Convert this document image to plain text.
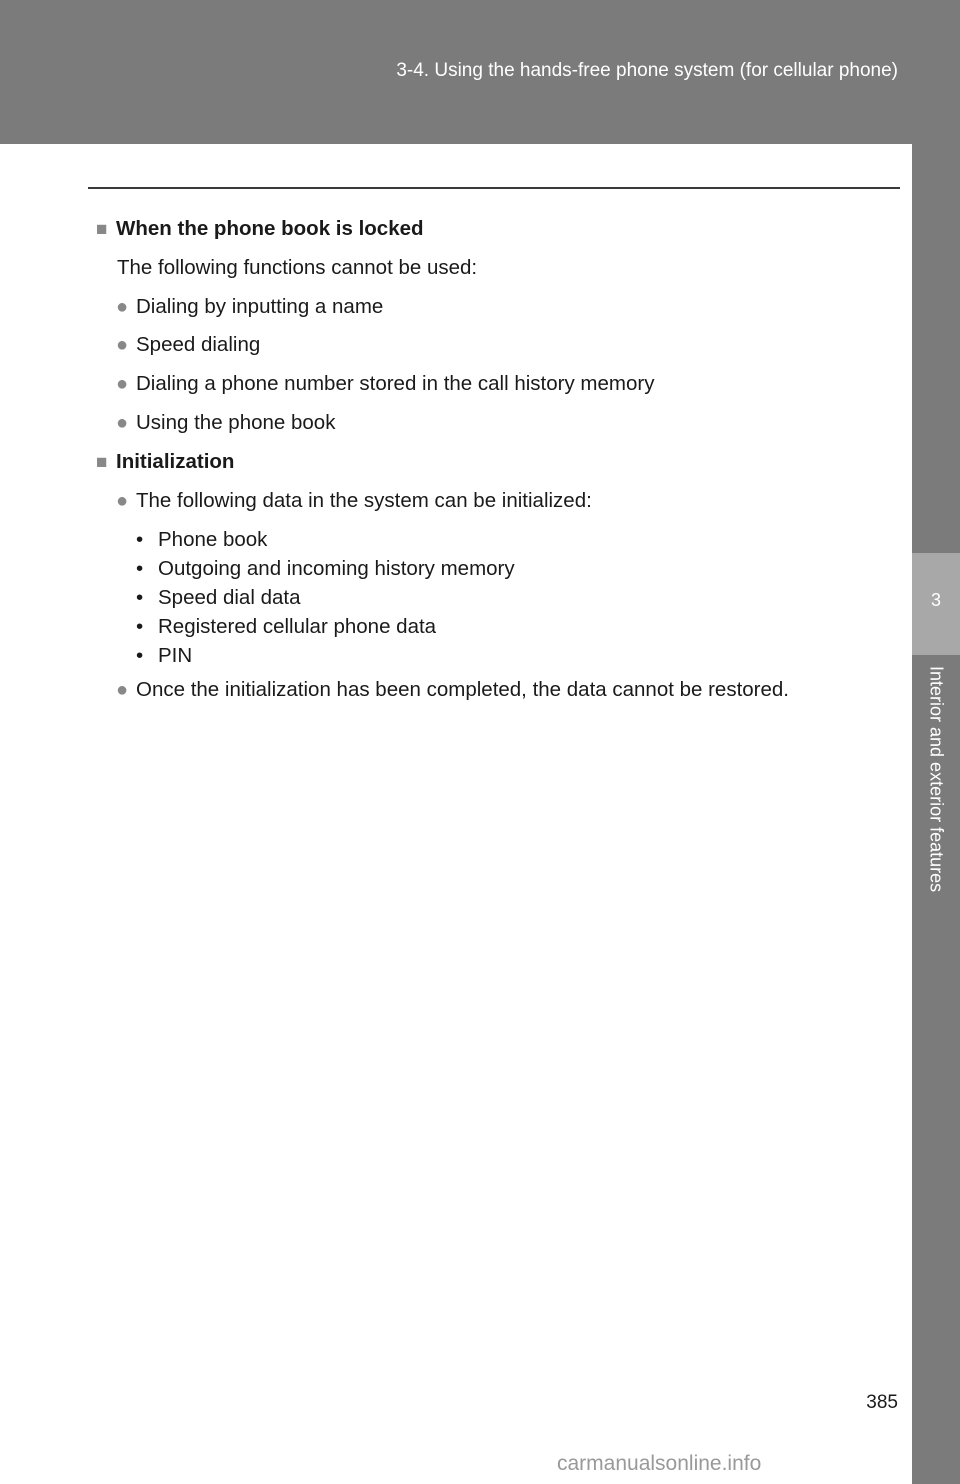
3-4. Using the hands-free phone system (for cellular phone)
3
Interior and exterior features
■ When the phone book is locked
The following functions cannot be used:
● Dialing by inputting a name
● Speed dialing
● Dialing a phone number stored in the call history memory
● Using the phone book
■ Initialization
● The following data in the system can be initialized:
• Phone book
• Outgoing and incoming history memory
• Speed dial data
• Registered cellular phone data
• PIN
● Once the initialization has been completed, the data cannot be restored.
385
carmanualsonline.info
